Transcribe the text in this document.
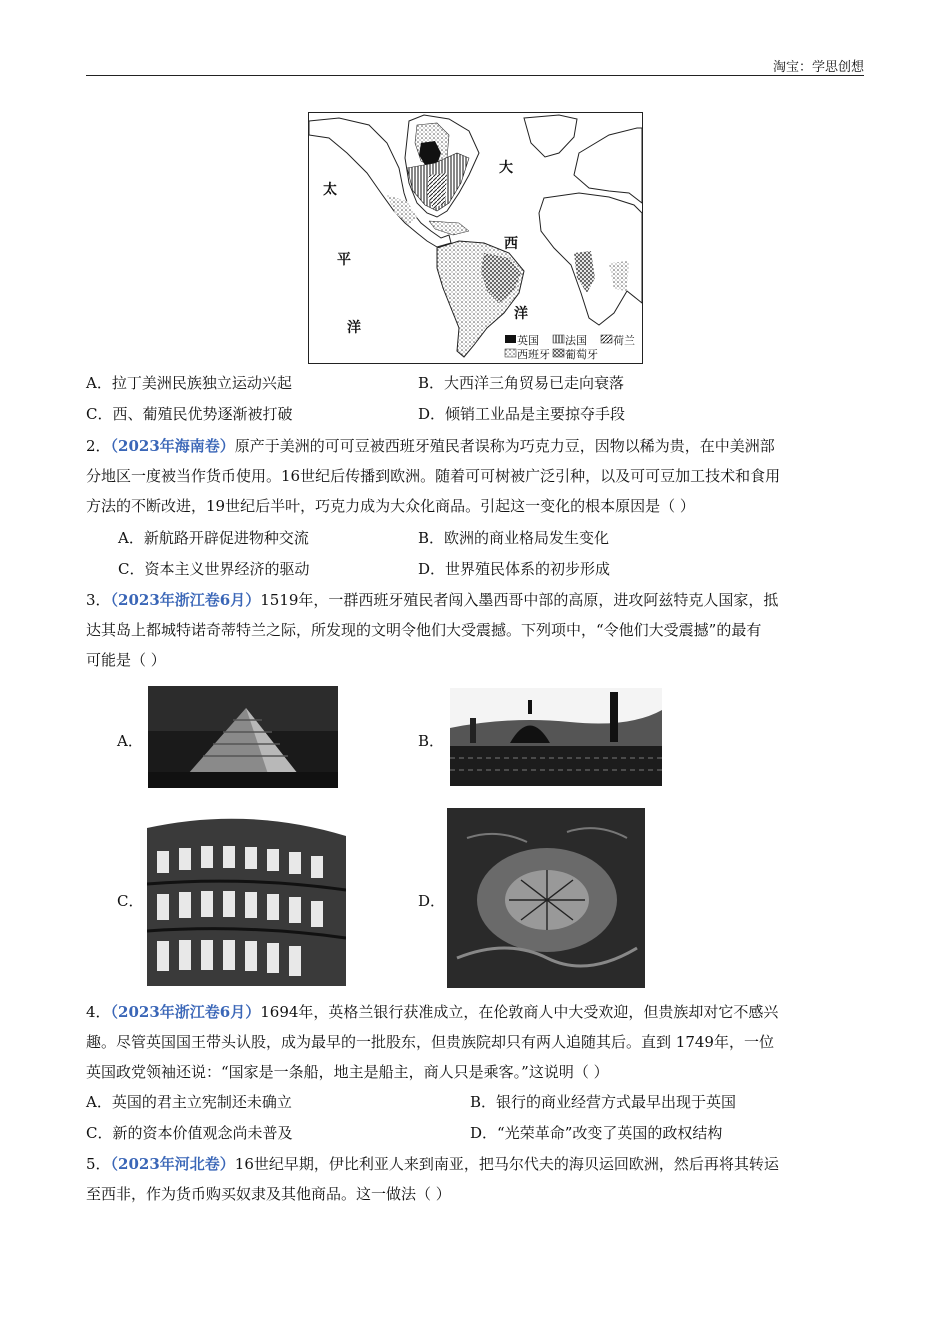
淘宝：学思创想
太
平
洋
大
西
洋
英国 法国 荷兰
西班牙 葡萄牙
A．拉丁美洲民族独立运动兴起	B．大西洋三角贸易已走向衰落
C．西、葡殖民优势逐渐被打破	D．倾销工业品是主要掠夺手段
2．（2023年海南卷）原产于美洲的可可豆被西班牙殖民者误称为巧克力豆，因物以稀为贵，在中美洲部
分地区一度被当作货币使用。16世纪后传播到欧洲。随着可可树被广泛引种，以及可可豆加工技术和食用
方法的不断改进，19世纪后半叶，巧克力成为大众化商品。引起这一变化的根本原因是（ ）
A．新航路开辟促进物种交流	B．欧洲的商业格局发生变化
C．资本主义世界经济的驱动	D．世界殖民体系的初步形成
3．（2023年浙江卷6月）1519年，一群西班牙殖民者闯入墨西哥中部的高原，进攻阿兹特克人国家，抵
达其岛上都城特诺奇蒂特兰之际，所发现的文明令他们大受震撼。下列项中，“令他们大受震撼”的最有
可能是（ ）
A．	B．
C．	D．
4．（2023年浙江卷6月）1694年，英格兰银行获准成立，在伦敦商人中大受欢迎，但贵族却对它不感兴
趣。尽管英国国王带头认股，成为最早的一批股东，但贵族院却只有两人追随其后。直到 1749年，一位
英国政党领袖还说：“国家是一条船，地主是船主，商人只是乘客。”这说明（ ）
A．英国的君主立宪制还未确立	B．银行的商业经营方式最早出现于英国
C．新的资本价值观念尚未普及	D．“光荣革命”改变了英国的政权结构
5．（2023年河北卷）16世纪早期，伊比利亚人来到南亚，把马尔代夫的海贝运回欧洲，然后再将其转运
至西非，作为货币购买奴隶及其他商品。这一做法（ ）
